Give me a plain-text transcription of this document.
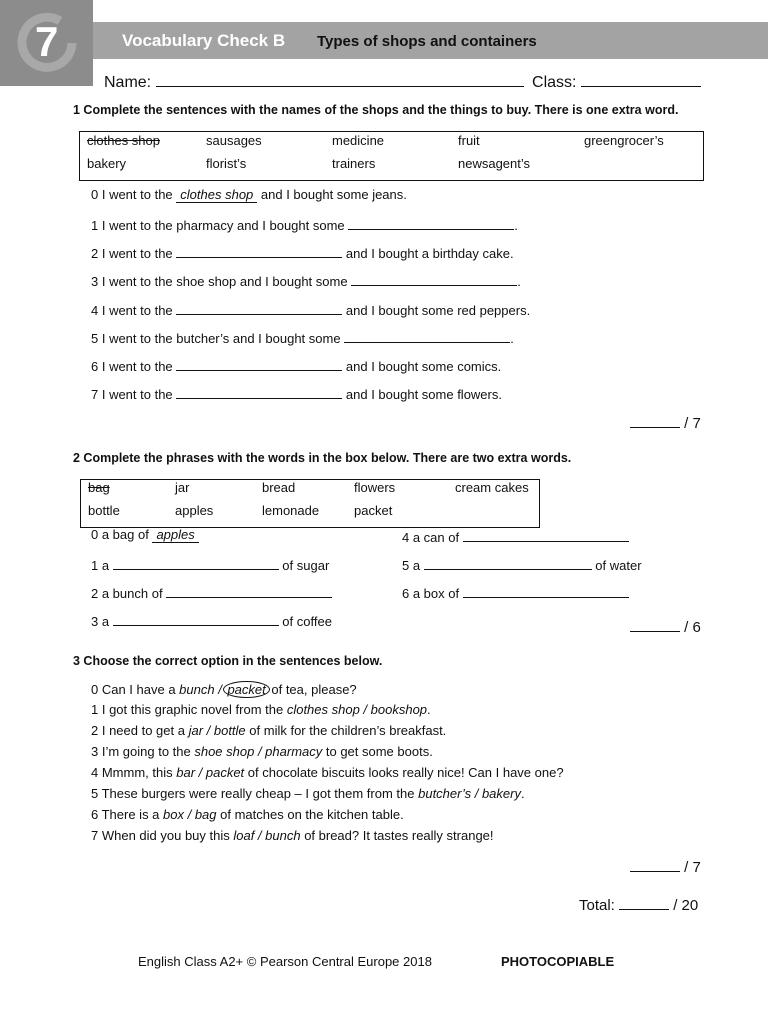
7	Vocabulary Check B Types of shops and containers
Name:	Class:
1 Complete the sentences with the names of the shops and the things to buy. There is one extra word.
clothes shop	sausages	medicine	fruit	greengrocer’s
bakery	florist’s	trainers	newsagent’s
0 I went to the clothes shop and I bought some jeans.
1 I went to the pharmacy and I bought some	.
2 I went to the	and I bought a birthday cake.
3 I went to the shoe shop and I bought some	.
4 I went to the	and I bought some red peppers.
5 I went to the butcher’s and I bought some	.
6 I went to the	and I bought some comics.
7 I went to the	and I bought some flowers.
/ 7
2 Complete the phrases with the words in the box below. There are two extra words.
bag	jar	bread	flowers	cream cakes
bottle	apples	lemonade	packet
0 a bag of apples
1 a	of sugar
2 a bunch of
3 a	of coffee
4 a can of
5 a	of water
6 a box of
/ 6
3 Choose the correct option in the sentences below.
0 Can I have a bunch / packet of tea, please?
1 I got this graphic novel from the clothes shop / bookshop.
2 I need to get a jar / bottle of milk for the children’s breakfast.
3 I’m going to the shoe shop / pharmacy to get some boots.
4 Mmmm, this bar / packet of chocolate biscuits looks really nice! Can I have one?
5 These burgers were really cheap – I got them from the butcher’s / bakery.
6 There is a box / bag of matches on the kitchen table.
7 When did you buy this loaf / bunch of bread? It tastes really strange!
/ 7
Total:	/ 20
English Class A2+ © Pearson Central Europe 2018	PHOTOCOPIABLE
